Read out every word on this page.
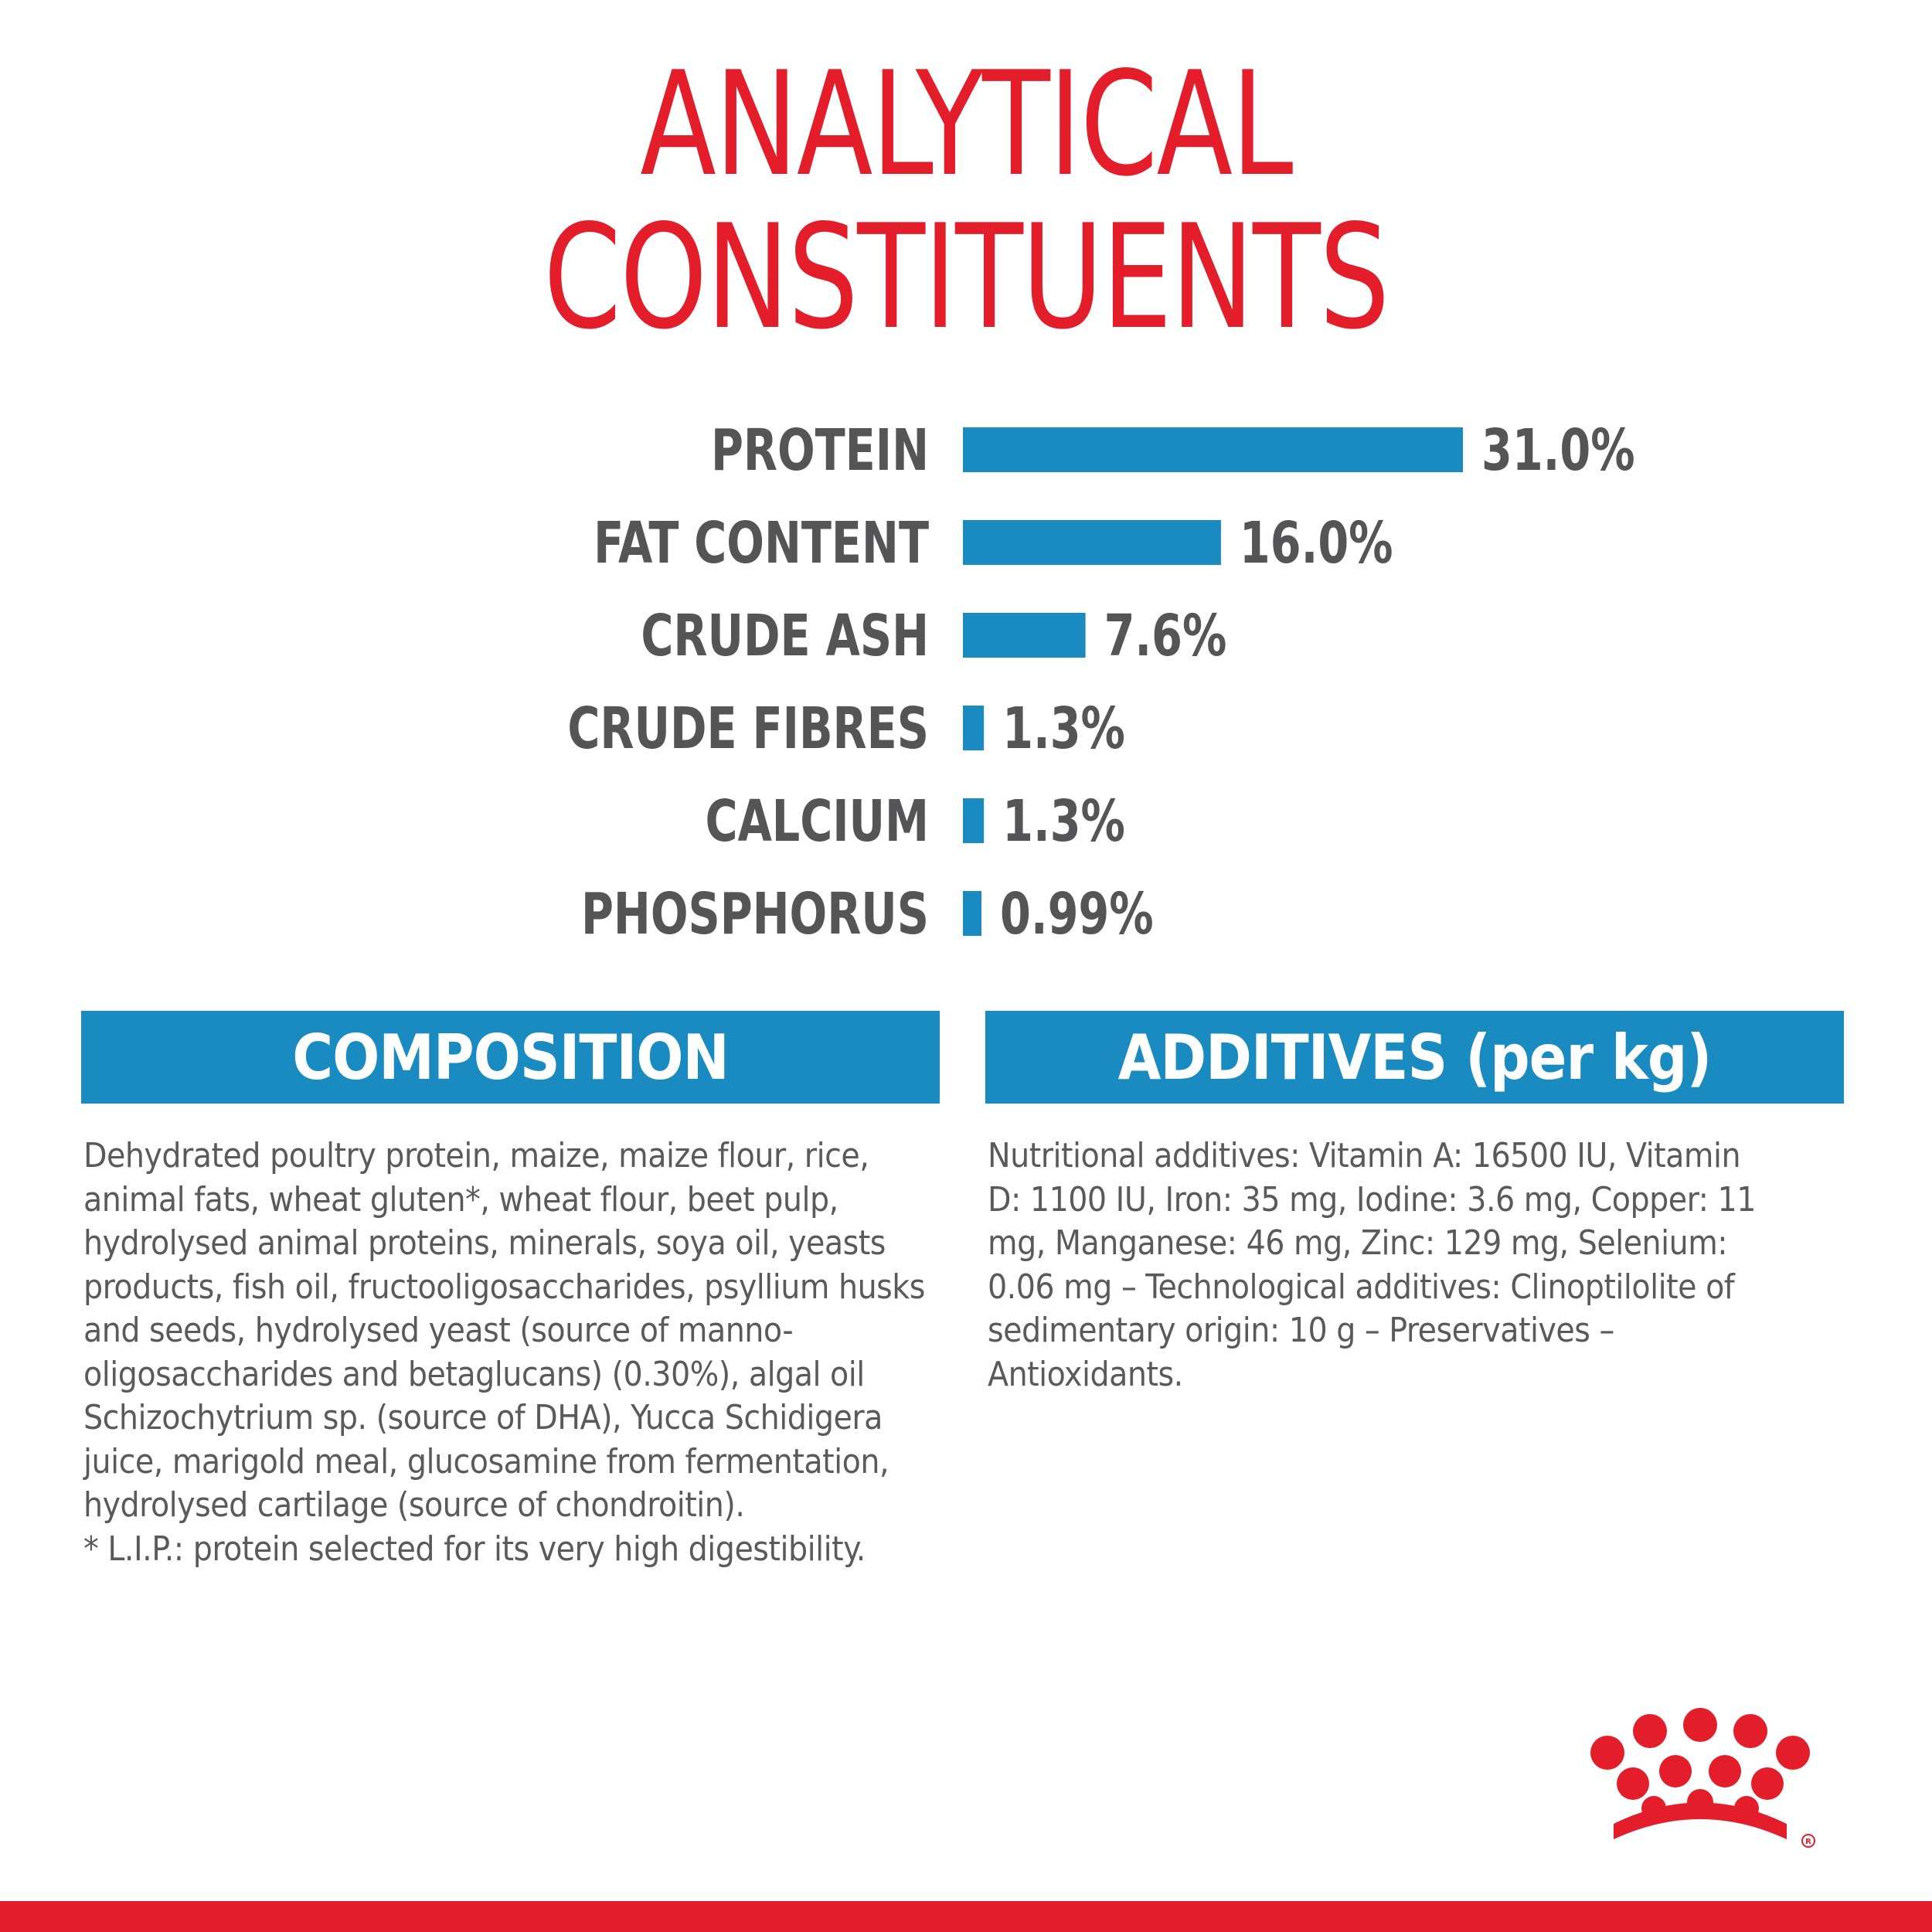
ANALYTICAL
CONSTITUENTS
PROTEIN	31.0%
FAT CONTENT	16.0%
CRUDE ASH	7.6%
CRUDE FIBRES 1.3%
CALCIUM 1.3%
PHOSPHORUS 0.99%
COMPOSITION	ADDITIVES (per kg)

Dehydrated poultry protein, maize, maize flour, rice, animal fats, wheat gluten*, wheat flour, beet pulp, hydrolysed animal proteins, minerals, soya oil, yeasts products, fish oil, fructooligosaccharides, psyllium husks and seeds, hydrolysed yeast (source of manno-oligosaccharides and betaglucans) (0.30%), algal oil Schizochytrium sp. (source of DHA), Yucca Schidigera juice, marigold meal, glucosamine from fermentation, hydrolysed cartilage (source of chondroitin).

* L.I.P.: protein selected for its very high digestibility.

Nutritional additives: Vitamin A: 16500 IU, Vitamin D: 1100 IU, Iron: 35 mg, Iodine: 3.6 mg, Copper: 11 mg, Manganese: 46 mg, Zinc: 129 mg, Selenium: 0.06 mg – Technological additives: Clinoptilolite of sedimentary origin: 10 g – Preservatives – Antioxidants.

R
